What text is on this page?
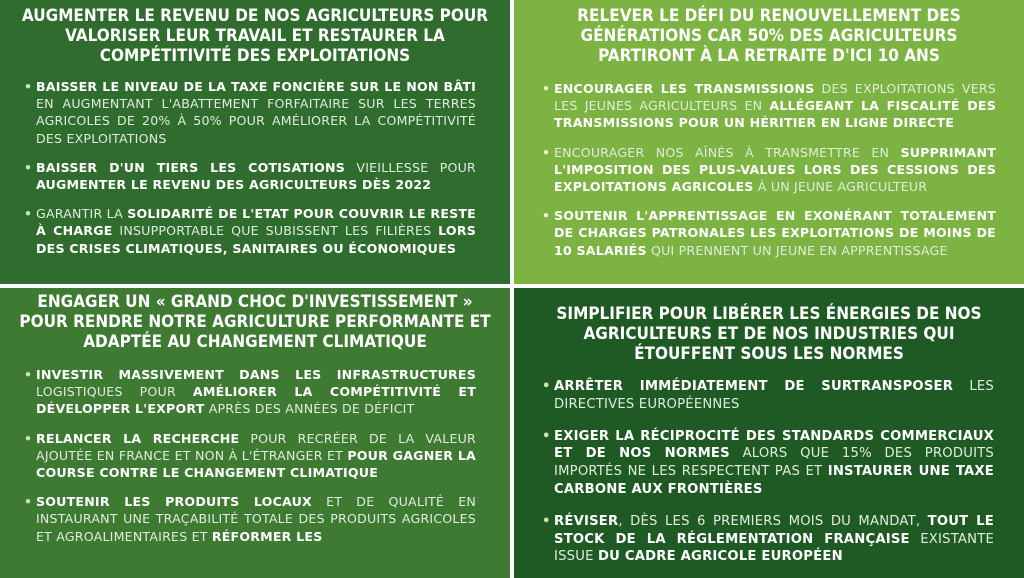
AUGMENTER LE REVENU DE NOS AGRICULTEURS POUR VALORISER LEUR TRAVAIL ET RESTAURER LA COMPÉTITIVITÉ DES EXPLOITATIONS
• BAISSER LE NIVEAU DE LA TAXE FONCIÈRE SUR LE NON BÂTI EN AUGMENTANT L'ABATTEMENT FORFAITAIRE SUR LES TERRES AGRICOLES DE 20% À 50% POUR AMÉLIORER LA COMPÉTITIVITÉ DES EXPLOITATIONS
• BAISSER D'UN TIERS LES COTISATIONS VIEILLESSE POUR AUGMENTER LE REVENU DES AGRICULTEURS DÈS 2022
• GARANTIR LA SOLIDARITÉ DE L'ETAT POUR COUVRIR LE RESTE À CHARGE INSUPPORTABLE QUE SUBISSENT LES FILIÈRES LORS DES CRISES CLIMATIQUES, SANITAIRES OU ÉCONOMIQUES
RELEVER LE DÉFI DU RENOUVELLEMENT DES GÉNÉRATIONS CAR 50% DES AGRICULTEURS PARTIRONT À LA RETRAITE D'ICI 10 ANS
• ENCOURAGER LES TRANSMISSIONS DES EXPLOITATIONS VERS LES JEUNES AGRICULTEURS EN ALLÉGEANT LA FISCALITÉ DES TRANSMISSIONS POUR UN HÉRITIER EN LIGNE DIRECTE
• ENCOURAGER NOS AÎNÉS À TRANSMETTRE EN SUPPRIMANT L'IMPOSITION DES PLUS-VALUES LORS DES CESSIONS DES EXPLOITATIONS AGRICOLES À UN JEUNE AGRICULTEUR
• SOUTENIR L'APPRENTISSAGE EN EXONÉRANT TOTALEMENT DE CHARGES PATRONALES LES EXPLOITATIONS DE MOINS DE 10 SALARIÉS QUI PRENNENT UN JEUNE EN APPRENTISSAGE
ENGAGER UN « GRAND CHOC D'INVESTISSEMENT » POUR RENDRE NOTRE AGRICULTURE PERFORMANTE ET ADAPTÉE AU CHANGEMENT CLIMATIQUE
• INVESTIR MASSIVEMENT DANS LES INFRASTRUCTURES LOGISTIQUES POUR AMÉLIORER LA COMPÉTITIVITÉ ET DÉVELOPPER L'EXPORT APRÈS DES ANNÉES DE DÉFICIT
• RELANCER LA RECHERCHE POUR RECRÉER DE LA VALEUR AJOUTÉE EN FRANCE ET NON À L'ÉTRANGER ET POUR GAGNER LA COURSE CONTRE LE CHANGEMENT CLIMATIQUE
• SOUTENIR LES PRODUITS LOCAUX ET DE QUALITÉ EN INSTAURANT UNE TRAÇABILITÉ TOTALE DES PRODUITS AGRICOLES ET AGROALIMENTAIRES ET RÉFORMER LES
SIMPLIFIER POUR LIBÉRER LES ÉNERGIES DE NOS AGRICULTEURS ET DE NOS INDUSTRIES QUI ÉTOUFFENT SOUS LES NORMES
• ARRÊTER IMMÉDIATEMENT DE SURTRANSPOSER LES DIRECTIVES EUROPÉENNES
• EXIGER LA RÉCIPROCITÉ DES STANDARDS COMMERCIAUX ET DE NOS NORMES ALORS QUE 15% DES PRODUITS IMPORTÉS NE LES RESPECTENT PAS ET INSTAURER UNE TAXE CARBONE AUX FRONTIÈRES
• RÉVISER, DÈS LES 6 PREMIERS MOIS DU MANDAT, TOUT LE STOCK DE LA RÉGLEMENTATION FRANÇAISE EXISTANTE ISSUE DU CADRE AGRICOLE EUROPÉEN
